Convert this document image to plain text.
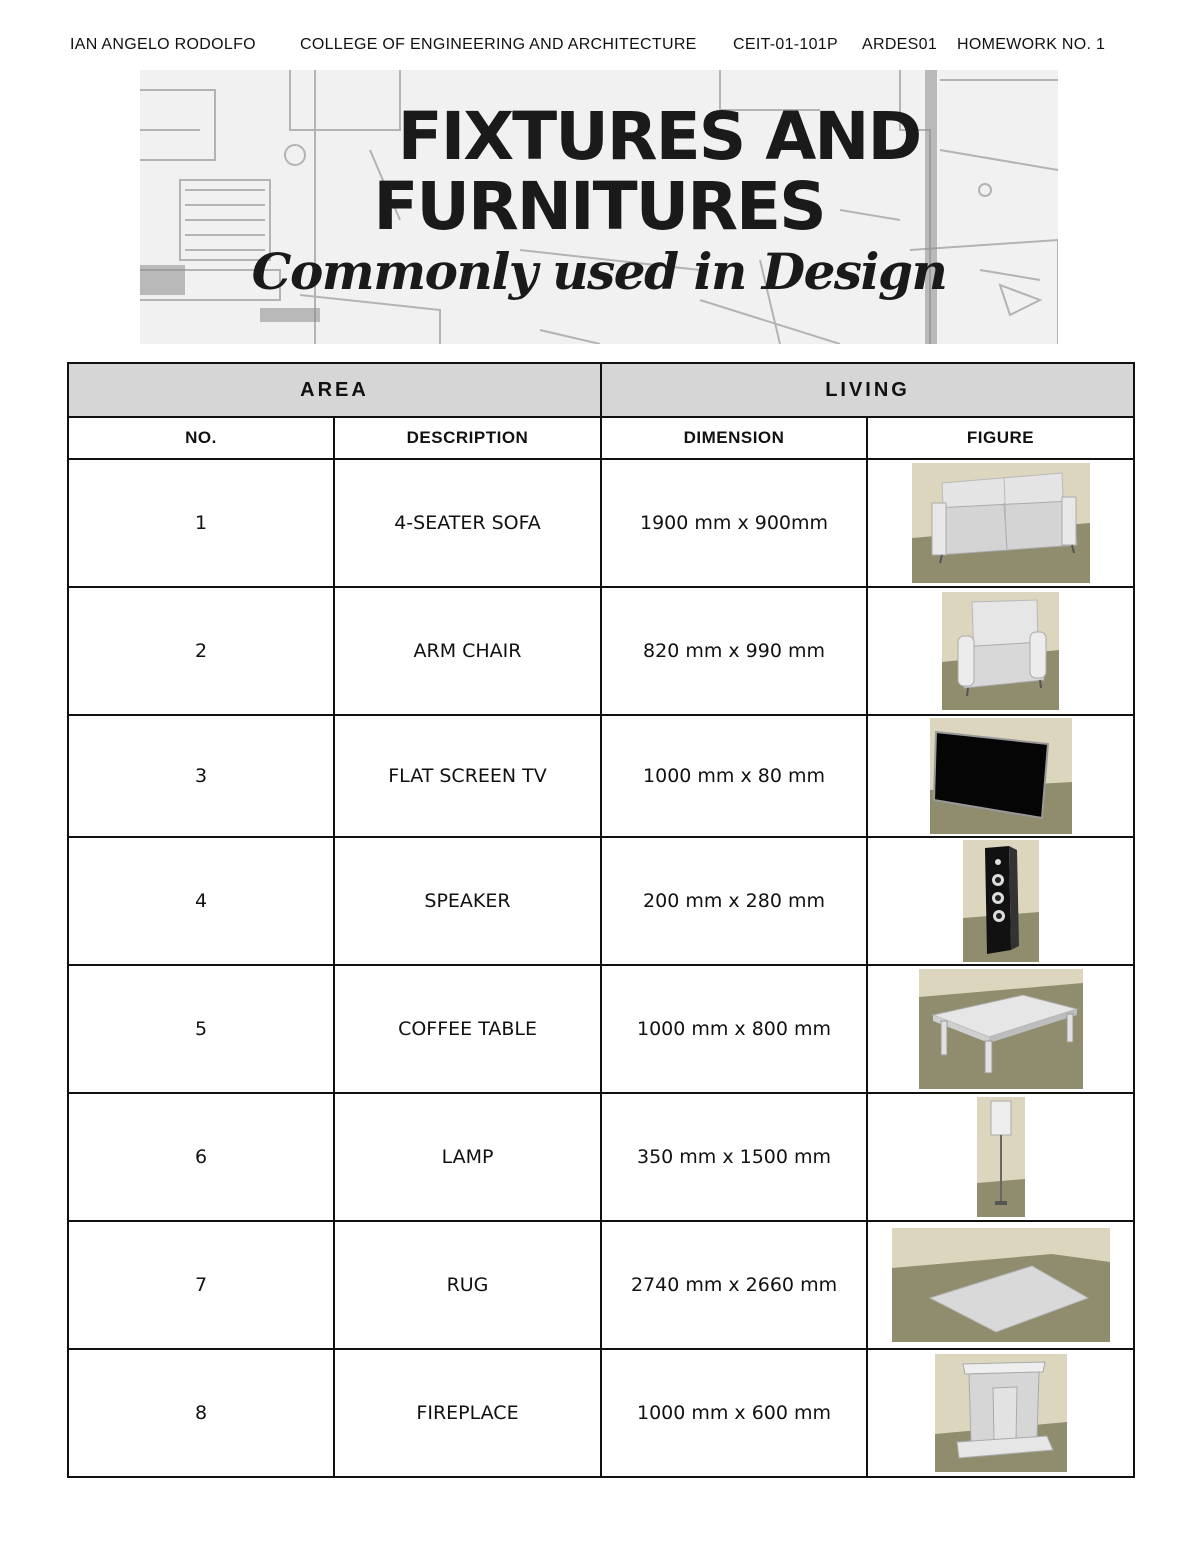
IAN ANGELO RODOLFO	COLLEGE OF ENGINEERING AND ARCHITECTURE	CEIT-01-101P	ARDES01	HOMEWORK NO. 1
FIXTURES AND
FURNITURES
Commonly used in Design
AREA		LIVING	
NO.	DESCRIPTION	DIMENSION	FIGURE
1	4-SEATER SOFA	1900 mm x 900mm	

2	ARM CHAIR	820 mm x 990 mm	

3	FLAT SCREEN TV	1000 mm x 80 mm	

4	SPEAKER	200 mm x 280 mm	

5	COFFEE TABLE	1000 mm x 800 mm	

6	LAMP	350 mm x 1500 mm	

7	RUG	2740 mm x 2660 mm	

8	FIREPLACE	1000 mm x 600 mm	
